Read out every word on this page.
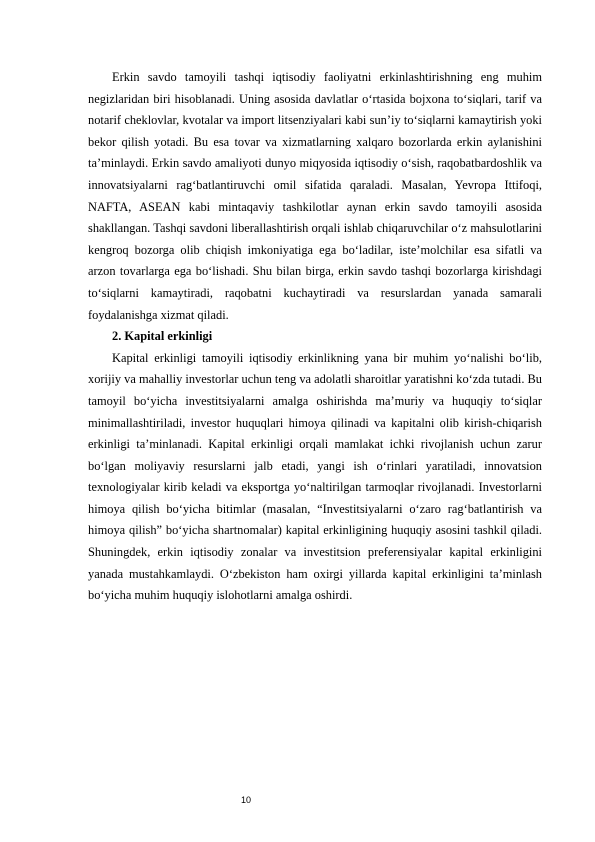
Erkin savdo tamoyili tashqi iqtisodiy faoliyatni erkinlashtirishning eng muhim negizlaridan biri hisoblanadi. Uning asosida davlatlar o‘rtasida bojxona to‘siqlari, tarif va notarif cheklovlar, kvotalar va import litsenziyalari kabi sun’iy to‘siqlarni kamaytirish yoki bekor qilish yotadi. Bu esa tovar va xizmatlarning xalqaro bozorlarda erkin aylanishini ta’minlaydi. Erkin savdo amaliyoti dunyo miqyosida iqtisodiy o‘sish, raqobatbardoshlik va innovatsiyalarni rag‘batlantiruvchi omil sifatida qaraladi. Masalan, Yevropa Ittifoqi, NAFTA, ASEAN kabi mintaqaviy tashkilotlar aynan erkin savdo tamoyili asosida shakllangan. Tashqi savdoni liberallashtirish orqali ishlab chiqaruvchilar o‘z mahsulotlarini kengroq bozorga olib chiqish imkoniyatiga ega bo‘ladilar, iste’molchilar esa sifatli va arzon tovarlarga ega bo‘lishadi. Shu bilan birga, erkin savdo tashqi bozorlarga kirishdagi to‘siqlarni kamaytiradi, raqobatni kuchaytiradi va resurslardan yanada samarali foydalanishga xizmat qiladi.

2. Kapital erkinligi

Kapital erkinligi tamoyili iqtisodiy erkinlikning yana bir muhim yo‘nalishi bo‘lib, xorijiy va mahalliy investorlar uchun teng va adolatli sharoitlar yaratishni ko‘zda tutadi. Bu tamoyil bo‘yicha investitsiyalarni amalga oshirishda ma’muriy va huquqiy to‘siqlar minimallashtiriladi, investor huquqlari himoya qilinadi va kapitalni olib kirish-chiqarish erkinligi ta’minlanadi. Kapital erkinligi orqali mamlakat ichki rivojlanish uchun zarur bo‘lgan moliyaviy resurslarni jalb etadi, yangi ish o‘rinlari yaratiladi, innovatsion texnologiyalar kirib keladi va eksportga yo‘naltirilgan tarmoqlar rivojlanadi. Investorlarni himoya qilish bo‘yicha bitimlar (masalan, “Investitsiyalarni o‘zaro rag‘batlantirish va himoya qilish” bo‘yicha shartnomalar) kapital erkinligining huquqiy asosini tashkil qiladi. Shuningdek, erkin iqtisodiy zonalar va investitsion preferensiyalar kapital erkinligini yanada mustahkamlaydi. O‘zbekiston ham oxirgi yillarda kapital erkinligini ta’minlash bo‘yicha muhim huquqiy islohotlarni amalga oshirdi.

10
